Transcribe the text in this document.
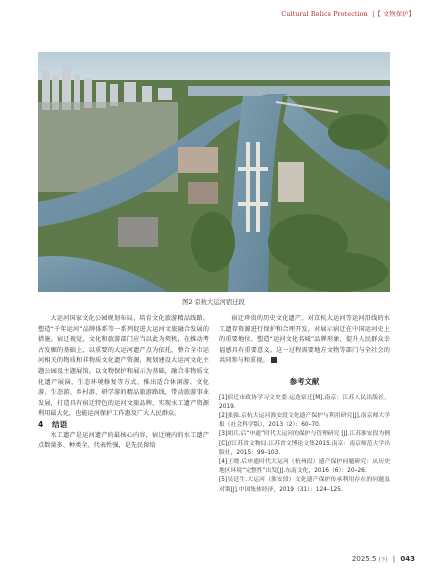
Cultural Relics Protection  |【 文物保护】
图2 京杭大运河宿迁段

大运河国家文化公园规划布局、培育文化旅游精品线路、塑造“千年运河”品牌体系等一系列促进大运河文旅融合发展的措施。宿迁视觉、文化和旅游部门应当以此为契机，在推动考古发掘的基础上，以重要的大运河遗产点为依托，整合全市运河相关的物质和非物质文化遗产资源，规划建设大运河文化主题公园及主题展馆，以文物保护和展示为基础，融合非物质文化遗产展演、生态环境修复等方式，推出适合休闲游、文化游、生态游、乡村游、研学游的精品旅游路线，带动旅游事业发展，打造具有宿迁特色的运河文旅品牌，实现水工遗产资源利用最大化，也能运河保护工作惠及广大人民群众。

4 结语

水工遗产是运河遗产的最核心内容，宿迁境内的水工遗产点数量多、种类全、代表性强，是先民留给

宿迁珍贵的历史文化遗产。对京杭大运河等运河沿线的水工遗存资源进行保护和合理开发，对展示宿迁在中国运河史上的重要地位、塑造“运河文化名城”品牌形象、提升人民群众幸福感具有重要意义。这一过程需要地方文物等部门与全社会的共同参与和重视。

参考文献
[1]宿迁市政协学习文史委.运迭宿迁[M].南京：江苏人民出版社，2019.
[2]张强.京杭大运河淮安段文化遗产保护与利用研究[J].南京师大学报（社会科学版），2013（2）：60–70.
[3]胡兵.后“申遗”时代大运河的保护与管理研究 [J].江苏淮安段为例[C]//江苏省文物局.江苏省文博论文集2015.南京：南京师范大学出版社，2015：99–103.
[4]王晓.后申遗时代大运河（杭州段）遗产保护问题研究：从历史地区环境“完整性”出发[J].东南文化，2016（6）：20–26.
[5]吴廷生.大运河（淮安段）文化遗产保护传承利用存在的问题及对策[J].中国集体经济，2019（31）：124–125.
2025.5 (下) | 043
